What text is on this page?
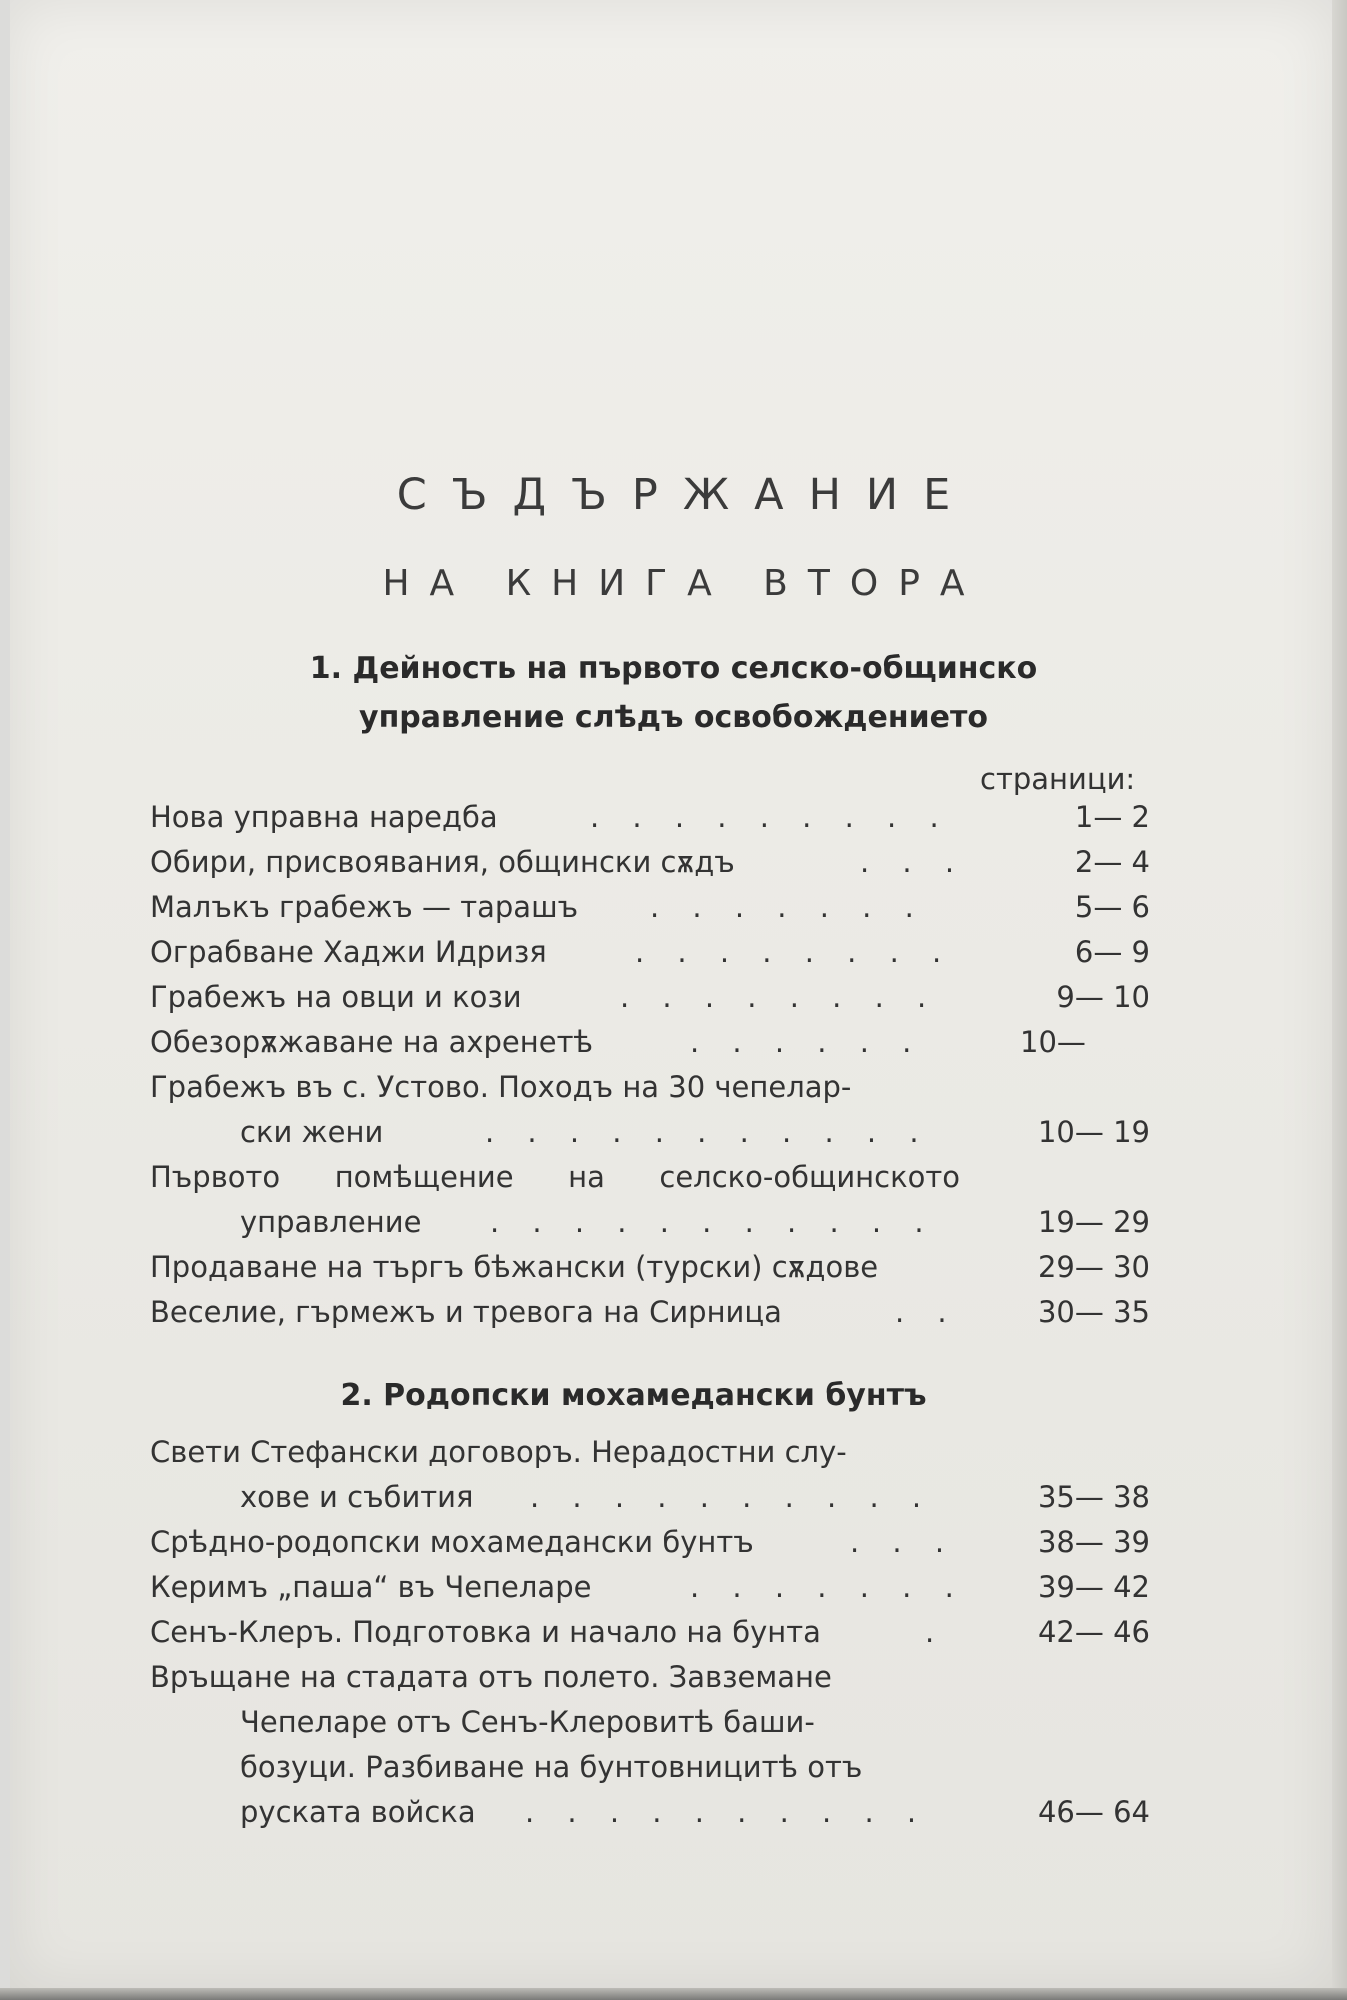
СЪДЪРЖАНИЕ
НА КНИГА ВТОРА
1. Дейность на първото селско-общинско
управление слѣдъ освобождението
страници:
Нова управна наредба	. . . . . . . . .	1— 2
Обири, присвоявания, общински сѫдъ	. . .	2— 4
Малъкъ грабежъ — тарашъ . . . . . . .	5— 6
Ограбване Хаджи Идризя	. . . . . . . .	6— 9
Грабежъ на овци и кози	. . . . . . . .	9— 10
Обезорѫжаване на ахренетѣ	. . . . . .	10—
Грабежъ въ с. Устово. Походъ на 30 чепелар-
ски жени	. . . . . . . . . . .	10— 19
Първото помѣщение на селско-общинското
управление . . . . . . . . . . .	19— 29
Продаване на търгъ бѣжански (турски) сѫдове	29— 30
Веселие, гърмежъ и тревога на Сирница	. .	30— 35
2. Родопски мохамедански бунтъ
Свети Стефански договоръ. Нерадостни слу-
хове и събития . . . . . . . . . .	35— 38
Срѣдно-родопски мохамедански бунтъ	. . .	38— 39
Керимъ „паша“ въ Чепеларе	. . . . . . .	39— 42
Сенъ-Клеръ. Подготовка и начало на бунта	.	42— 46
Връщане на стадата отъ полето. Завземане
Чепеларе отъ Сенъ-Клеровитѣ баши-
бозуци. Разбиване на бунтовницитѣ отъ
руската войска . . . . . . . . . .	46— 64
